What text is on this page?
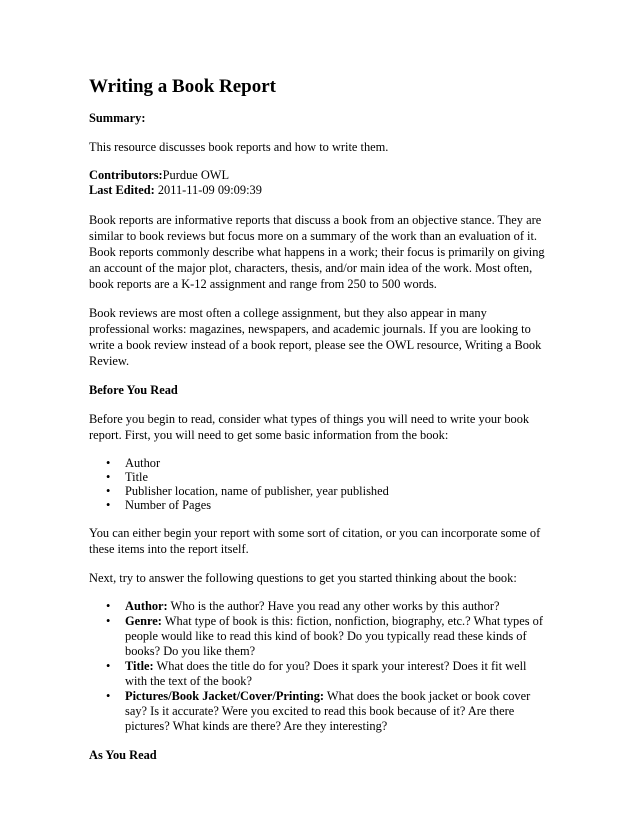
Writing a Book Report

Summary:

This resource discusses book reports and how to write them.

Contributors:Purdue OWL
Last Edited: 2011-11-09 09:09:39

Book reports are informative reports that discuss a book from an objective stance. They are similar to book reviews but focus more on a summary of the work than an evaluation of it. Book reports commonly describe what happens in a work; their focus is primarily on giving an account of the major plot, characters, thesis, and/or main idea of the work. Most often, book reports are a K-12 assignment and range from 250 to 500 words.

Book reviews are most often a college assignment, but they also appear in many professional works: magazines, newspapers, and academic journals. If you are looking to write a book review instead of a book report, please see the OWL resource, Writing a Book Review.

Before You Read

Before you begin to read, consider what types of things you will need to write your book report. First, you will need to get some basic information from the book:

• Author
• Title
• Publisher location, name of publisher, year published
• Number of Pages

You can either begin your report with some sort of citation, or you can incorporate some of these items into the report itself.

Next, try to answer the following questions to get you started thinking about the book:

• Author: Who is the author? Have you read any other works by this author?
• Genre: What type of book is this: fiction, nonfiction, biography, etc.? What types of people would like to read this kind of book? Do you typically read these kinds of books? Do you like them?
• Title: What does the title do for you? Does it spark your interest? Does it fit well with the text of the book?
• Pictures/Book Jacket/Cover/Printing: What does the book jacket or book cover say? Is it accurate? Were you excited to read this book because of it? Are there pictures? What kinds are there? Are they interesting?
As You Read
